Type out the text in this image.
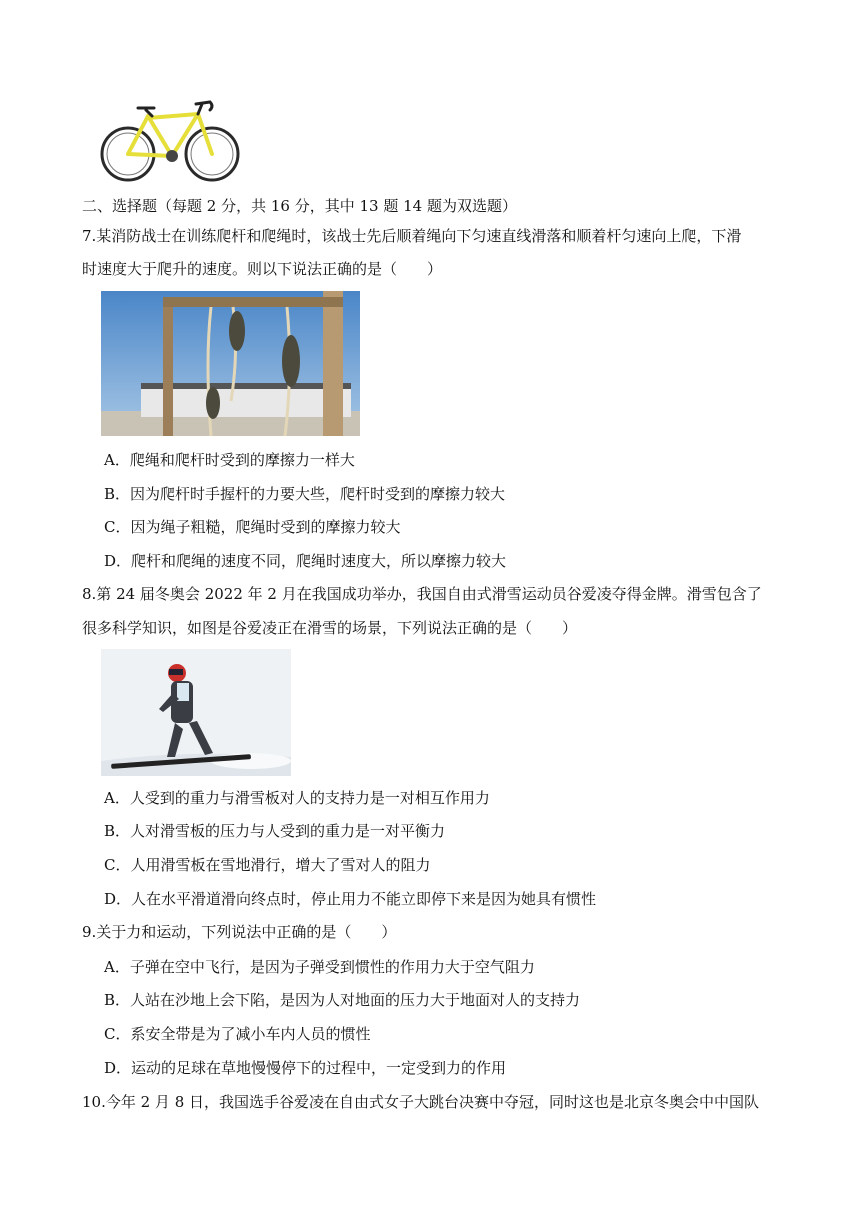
二、选择题（每题 2 分，共 16 分，其中 13 题 14 题为双选题）
7.某消防战士在训练爬杆和爬绳时，该战士先后顺着绳向下匀速直线滑落和顺着杆匀速向上爬，下滑
时速度大于爬升的速度。则以下说法正确的是（　　）
A．爬绳和爬杆时受到的摩擦力一样大
B．因为爬杆时手握杆的力要大些，爬杆时受到的摩擦力较大
C．因为绳子粗糙，爬绳时受到的摩擦力较大
D．爬杆和爬绳的速度不同，爬绳时速度大，所以摩擦力较大
8.第 24 届冬奥会 2022 年 2 月在我国成功举办，我国自由式滑雪运动员谷爱凌夺得金牌。滑雪包含了
很多科学知识，如图是谷爱凌正在滑雪的场景，下列说法正确的是（　　）
A．人受到的重力与滑雪板对人的支持力是一对相互作用力
B．人对滑雪板的压力与人受到的重力是一对平衡力
C．人用滑雪板在雪地滑行，增大了雪对人的阻力
D．人在水平滑道滑向终点时，停止用力不能立即停下来是因为她具有惯性
9.关于力和运动，下列说法中正确的是（　　）
A．子弹在空中飞行，是因为子弹受到惯性的作用力大于空气阻力
B．人站在沙地上会下陷，是因为人对地面的压力大于地面对人的支持力
C．系安全带是为了减小车内人员的惯性
D．运动的足球在草地慢慢停下的过程中，一定受到力的作用
10.今年 2 月 8 日，我国选手谷爱凌在自由式女子大跳台决赛中夺冠，同时这也是北京冬奥会中中国队
